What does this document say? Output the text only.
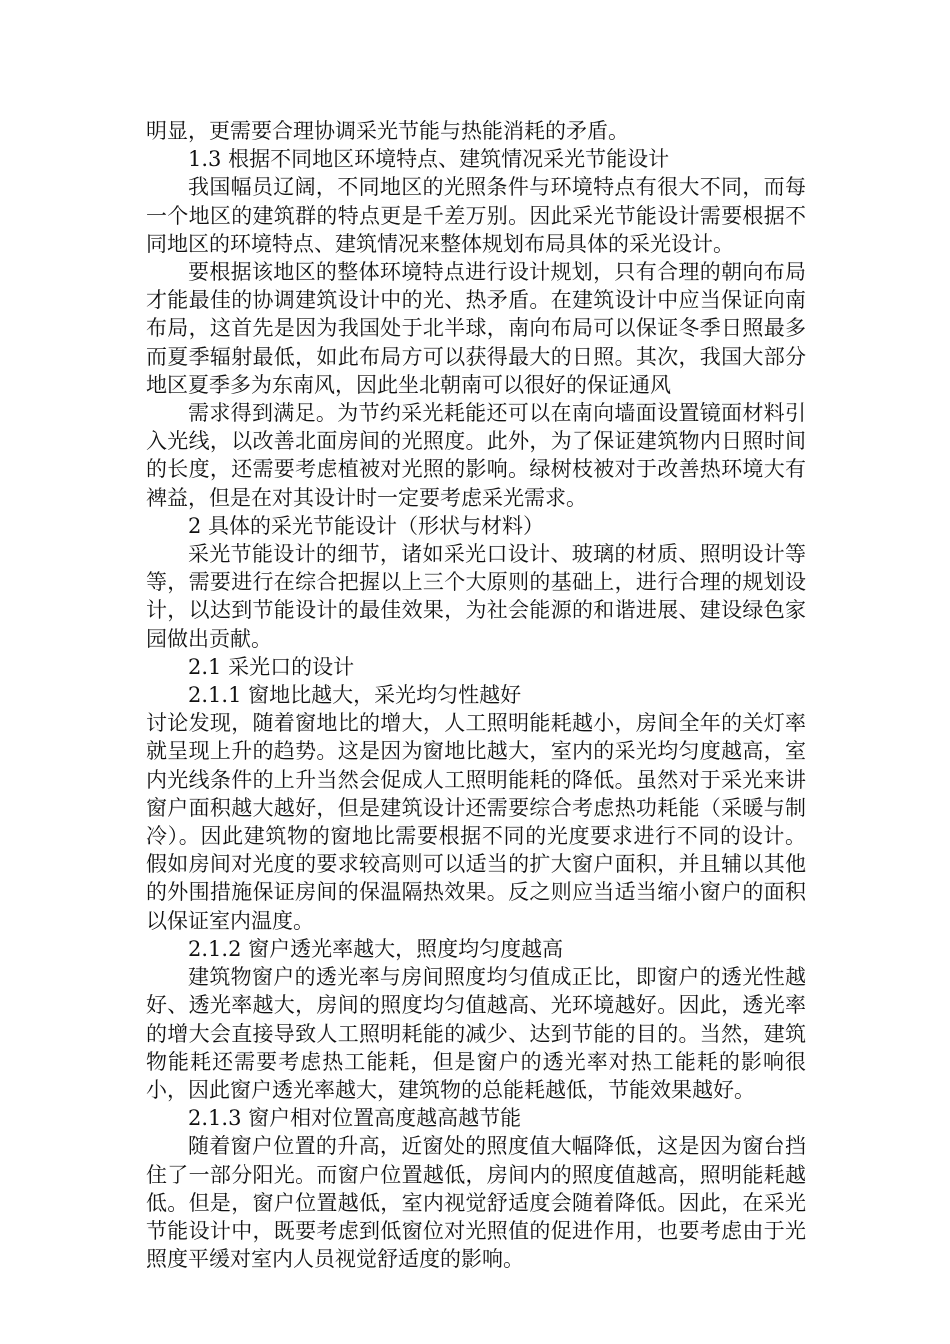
明显，更需要合理协调采光节能与热能消耗的矛盾。

1.3 根据不同地区环境特点、建筑情况采光节能设计

我国幅员辽阔，不同地区的光照条件与环境特点有很大不同，而每一个地区的建筑群的特点更是千差万别。因此采光节能设计需要根据不同地区的环境特点、建筑情况来整体规划布局具体的采光设计。

要根据该地区的整体环境特点进行设计规划，只有合理的朝向布局才能最佳的协调建筑设计中的光、热矛盾。在建筑设计中应当保证向南布局，这首先是因为我国处于北半球，南向布局可以保证冬季日照最多而夏季辐射最低，如此布局方可以获得最大的日照。其次，我国大部分地区夏季多为东南风，因此坐北朝南可以很好的保证通风

需求得到满足。为节约采光耗能还可以在南向墙面设置镜面材料引入光线，以改善北面房间的光照度。此外，为了保证建筑物内日照时间的长度，还需要考虑植被对光照的影响。绿树枝被对于改善热环境大有裨益，但是在对其设计时一定要考虑采光需求。

2 具体的采光节能设计（形状与材料）

采光节能设计的细节，诸如采光口设计、玻璃的材质、照明设计等等，需要进行在综合把握以上三个大原则的基础上，进行合理的规划设计，以达到节能设计的最佳效果，为社会能源的和谐进展、建设绿色家园做出贡献。

2.1 采光口的设计

2.1.1 窗地比越大，采光均匀性越好

讨论发现，随着窗地比的增大，人工照明能耗越小，房间全年的关灯率就呈现上升的趋势。这是因为窗地比越大，室内的采光均匀度越高，室内光线条件的上升当然会促成人工照明能耗的降低。虽然对于采光来讲窗户面积越大越好，但是建筑设计还需要综合考虑热功耗能（采暖与制冷）。因此建筑物的窗地比需要根据不同的光度要求进行不同的设计。假如房间对光度的要求较高则可以适当的扩大窗户面积，并且辅以其他的外围措施保证房间的保温隔热效果。反之则应当适当缩小窗户的面积以保证室内温度。

2.1.2 窗户透光率越大，照度均匀度越高

建筑物窗户的透光率与房间照度均匀值成正比，即窗户的透光性越好、透光率越大，房间的照度均匀值越高、光环境越好。因此，透光率的增大会直接导致人工照明耗能的减少、达到节能的目的。当然，建筑物能耗还需要考虑热工能耗，但是窗户的透光率对热工能耗的影响很小，因此窗户透光率越大，建筑物的总能耗越低，节能效果越好。

2.1.3 窗户相对位置高度越高越节能

随着窗户位置的升高，近窗处的照度值大幅降低，这是因为窗台挡住了一部分阳光。而窗户位置越低，房间内的照度值越高，照明能耗越低。但是，窗户位置越低，室内视觉舒适度会随着降低。因此，在采光节能设计中，既要考虑到低窗位对光照值的促进作用，也要考虑由于光照度平缓对室内人员视觉舒适度的影响。
